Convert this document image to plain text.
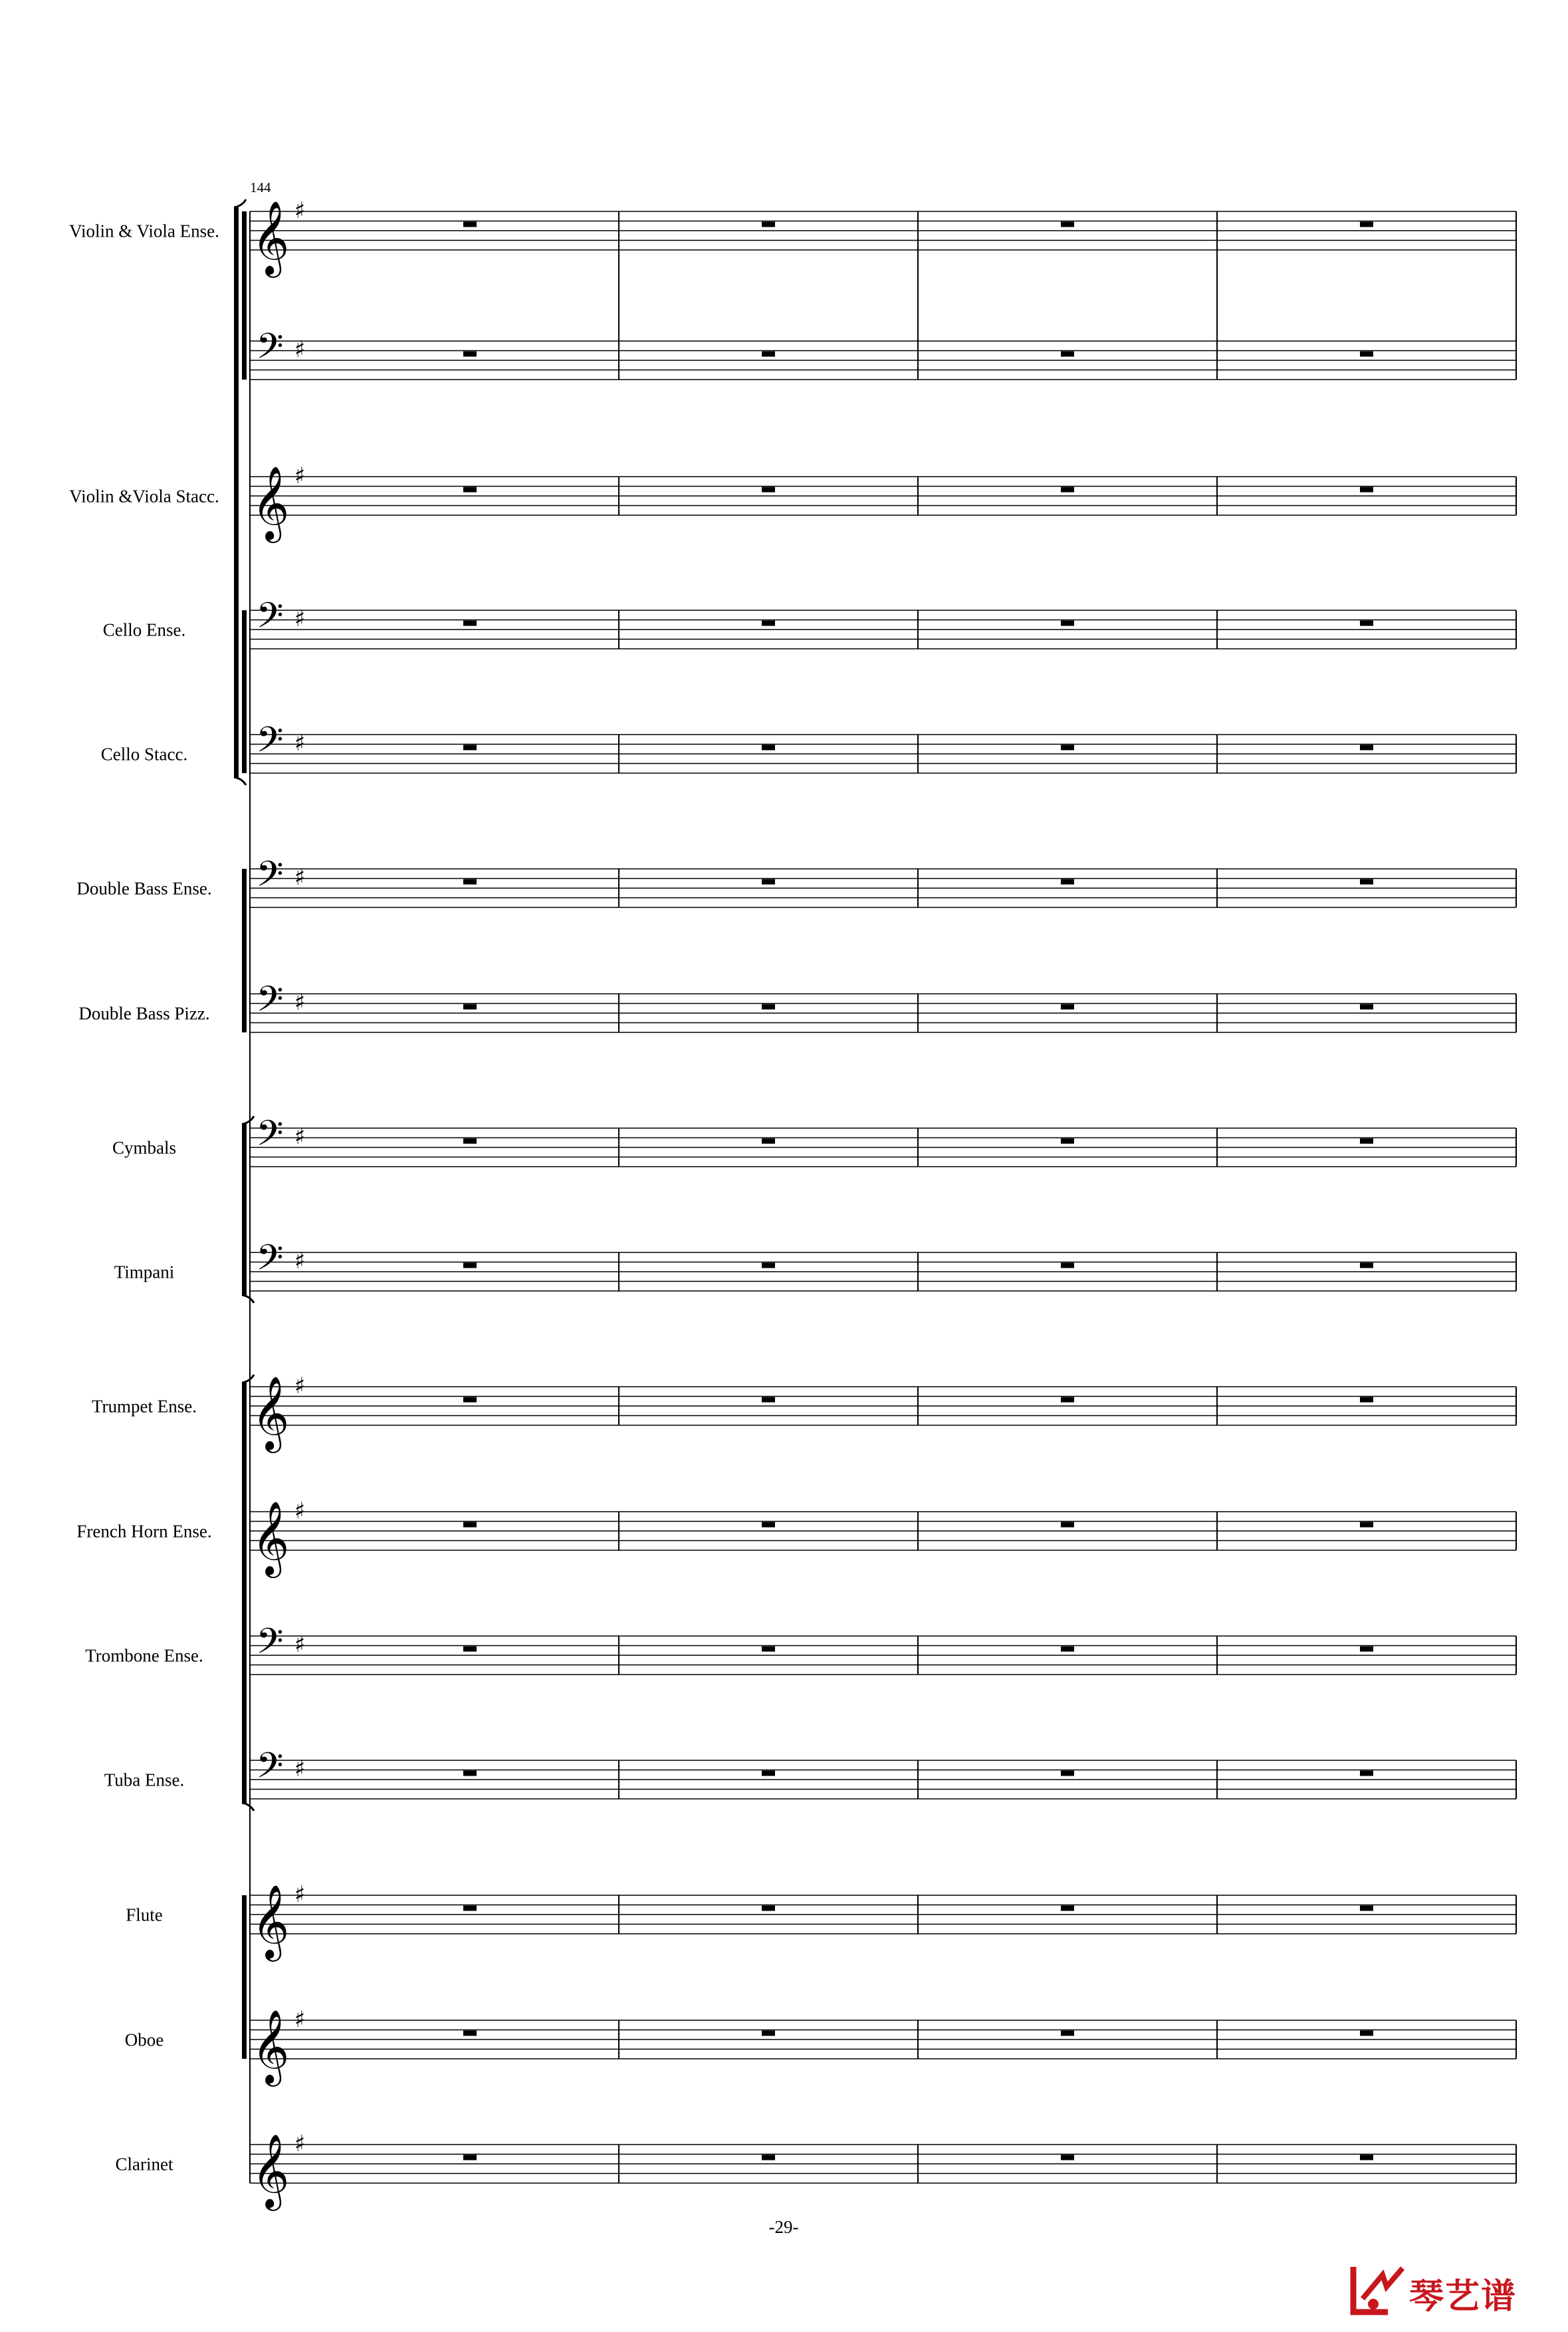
𝄞 ♯
𝄢 ♯
𝄞 ♯
𝄢 ♯
𝄢 ♯
𝄢 ♯
𝄢 ♯
𝄢 ♯
𝄢 ♯
𝄞 ♯
𝄞 ♯
𝄢 ♯
𝄢 ♯
𝄞 ♯
𝄞 ♯
𝄞 ♯
Violin & Viola Ense.
Violin &Viola Stacc.
Cello Ense.
Cello Stacc.
Double Bass Ense.
Double Bass Pizz.
Cymbals
Timpani
Trumpet Ense.
French Horn Ense.
Trombone Ense.
Tuba Ense.
Flute
Oboe
Clarinet
144
-29-
琴艺谱
